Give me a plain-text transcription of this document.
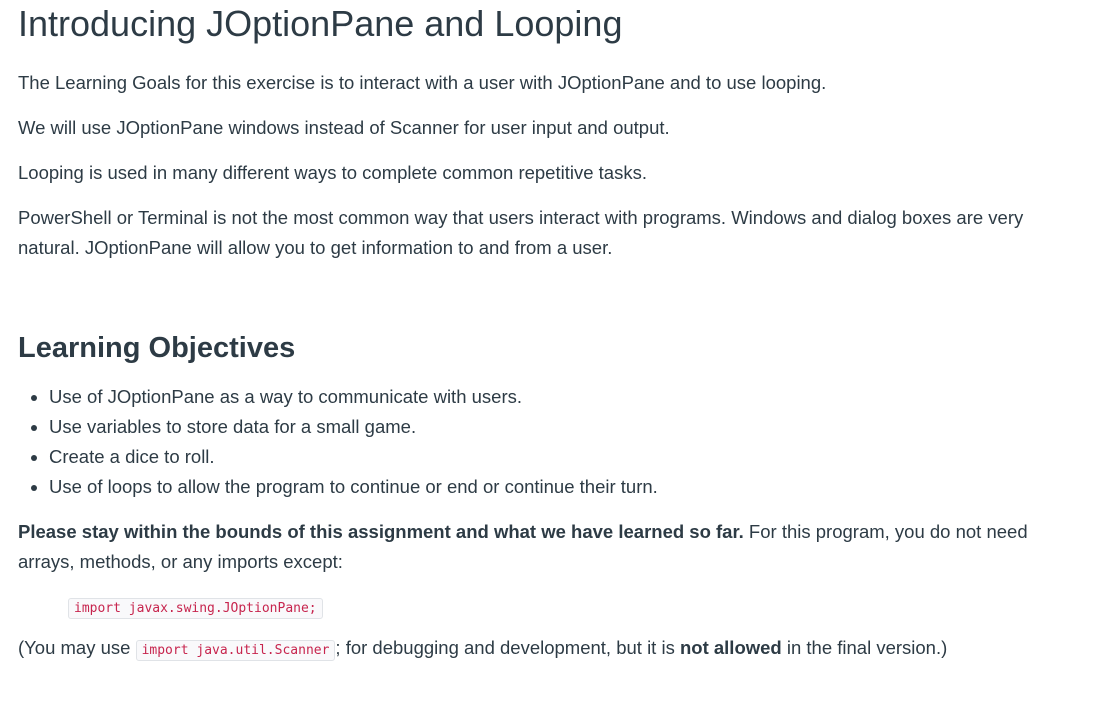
Introducing JOptionPane and Looping

The Learning Goals for this exercise is to interact with a user with JOptionPane and to use looping.

We will use JOptionPane windows instead of Scanner for user input and output.

Looping is used in many different ways to complete common repetitive tasks.

PowerShell or Terminal is not the most common way that users interact with programs. Windows and dialog boxes are very natural. JOptionPane will allow you to get information to and from a user.

Learning Objectives
• Use of JOptionPane as a way to communicate with users.
• Use variables to store data for a small game.
• Create a dice to roll.
• Use of loops to allow the program to continue or end or continue their turn.

Please stay within the bounds of this assignment and what we have learned so far. For this program, you do not need arrays, methods, or any imports except:

import javax.swing.JOptionPane;

(You may use import java.util.Scanner ; for debugging and development, but it is not allowed in the final version.)
